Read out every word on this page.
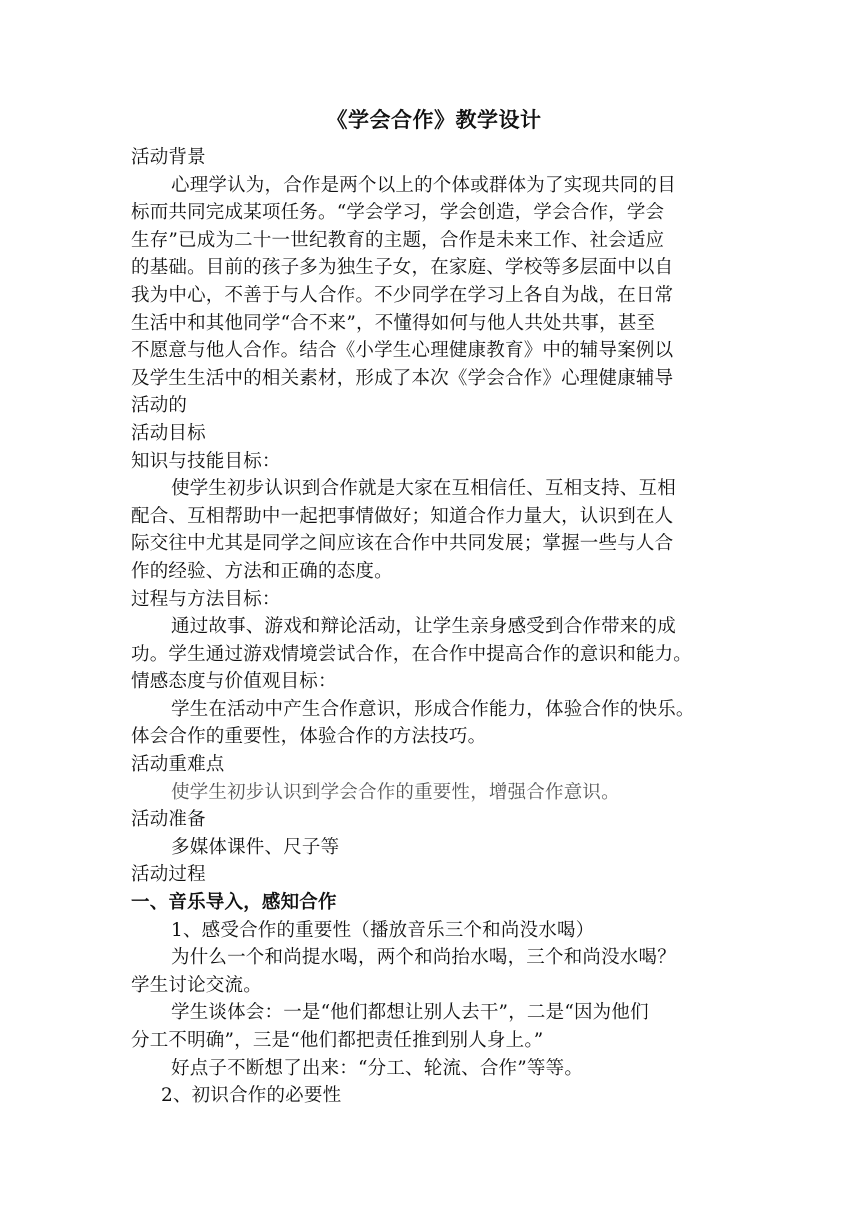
《学会合作》教学设计
活动背景
心理学认为，合作是两个以上的个体或群体为了实现共同的目
标而共同完成某项任务。“学会学习，学会创造，学会合作，学会
生存”已成为二十一世纪教育的主题，合作是未来工作、社会适应
的基础。目前的孩子多为独生子女，在家庭、学校等多层面中以自
我为中心，不善于与人合作。不少同学在学习上各自为战，在日常
生活中和其他同学“合不来”，不懂得如何与他人共处共事，甚至
不愿意与他人合作。结合《小学生心理健康教育》中的辅导案例以
及学生生活中的相关素材，形成了本次《学会合作》心理健康辅导
活动的
活动目标
知识与技能目标：
使学生初步认识到合作就是大家在互相信任、互相支持、互相
配合、互相帮助中一起把事情做好；知道合作力量大，认识到在人
际交往中尤其是同学之间应该在合作中共同发展；掌握一些与人合
作的经验、方法和正确的态度。
过程与方法目标：
通过故事、游戏和辩论活动，让学生亲身感受到合作带来的成
功。学生通过游戏情境尝试合作，在合作中提高合作的意识和能力。
情感态度与价值观目标：
学生在活动中产生合作意识，形成合作能力，体验合作的快乐。
体会合作的重要性，体验合作的方法技巧。
活动重难点
使学生初步认识到学会合作的重要性，增强合作意识。
活动准备
多媒体课件、尺子等
活动过程
一、音乐导入，感知合作
1、感受合作的重要性（播放音乐三个和尚没水喝）
为什么一个和尚提水喝，两个和尚抬水喝，三个和尚没水喝？
学生讨论交流。
学生谈体会：一是“他们都想让别人去干”，二是“因为他们
分工不明确”，三是“他们都把责任推到别人身上。”
好点子不断想了出来：“分工、轮流、合作”等等。
2、初识合作的必要性
